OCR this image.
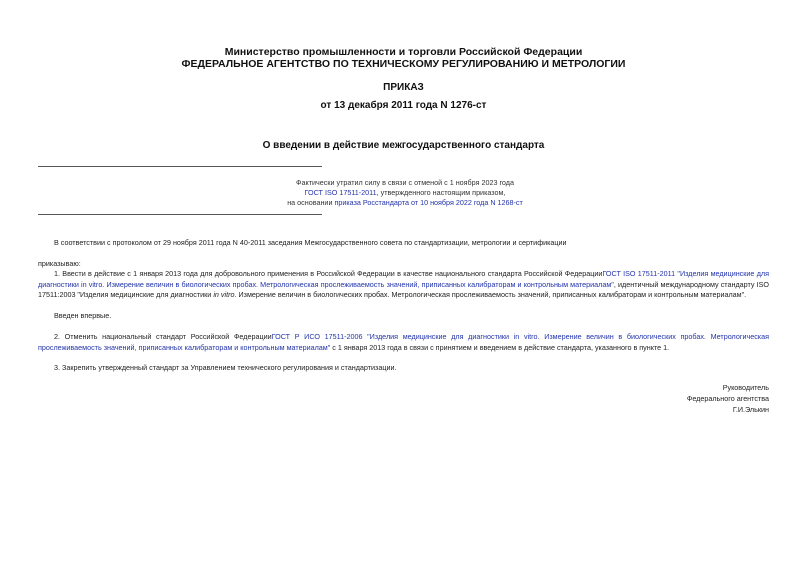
Министерство промышленности и торговли Российской Федерации
ФЕДЕРАЛЬНОЕ АГЕНТСТВО ПО ТЕХНИЧЕСКОМУ РЕГУЛИРОВАНИЮ И МЕТРОЛОГИИ
ПРИКАЗ
от 13 декабря 2011 года N 1276-ст
О введении в действие межгосударственного стандарта
Фактически утратил силу в связи с отменой с 1 ноября 2023 года
ГОСТ ISO 17511-2011, утвержденного настоящим приказом,
на основании приказа Росстандарта от 10 ноября 2022 года N 1268-ст
В соответствии с протоколом от 29 ноября 2011 года N 40-2011 заседания Межгосударственного совета по стандартизации, метрологии и сертификации
приказываю:
1. Ввести в действие с 1 января 2013 года для добровольного применения в Российской Федерации в качестве национального стандарта Российской ФедерацииГОСТ ISO 17511-2011 "Изделия медицинские для диагностики in vitro. Измерение величин в биологических пробах. Метрологическая прослеживаемость значений, приписанных калибраторам и контрольным материалам", идентичный международному стандарту ISO 17511:2003 "Изделия медицинские для диагностики in vitro. Измерение величин в биологических пробах. Метрологическая прослеживаемость значений, приписанных калибраторам и контрольным материалам".
Введен впервые.
2. Отменить национальный стандарт Российской ФедерацииГОСТ Р ИСО 17511-2006 "Изделия медицинские для диагностики in vitro. Измерение величин в биологических пробах. Метрологическая прослеживаемость значений, приписанных калибраторам и контрольным материалам" с 1 января 2013 года в связи с принятием и введением в действие стандарта, указанного в пункте 1.
3. Закрепить утвержденный стандарт за Управлением технического регулирования и стандартизации.
Руководитель
Федерального агентства
Г.И.Элькин
